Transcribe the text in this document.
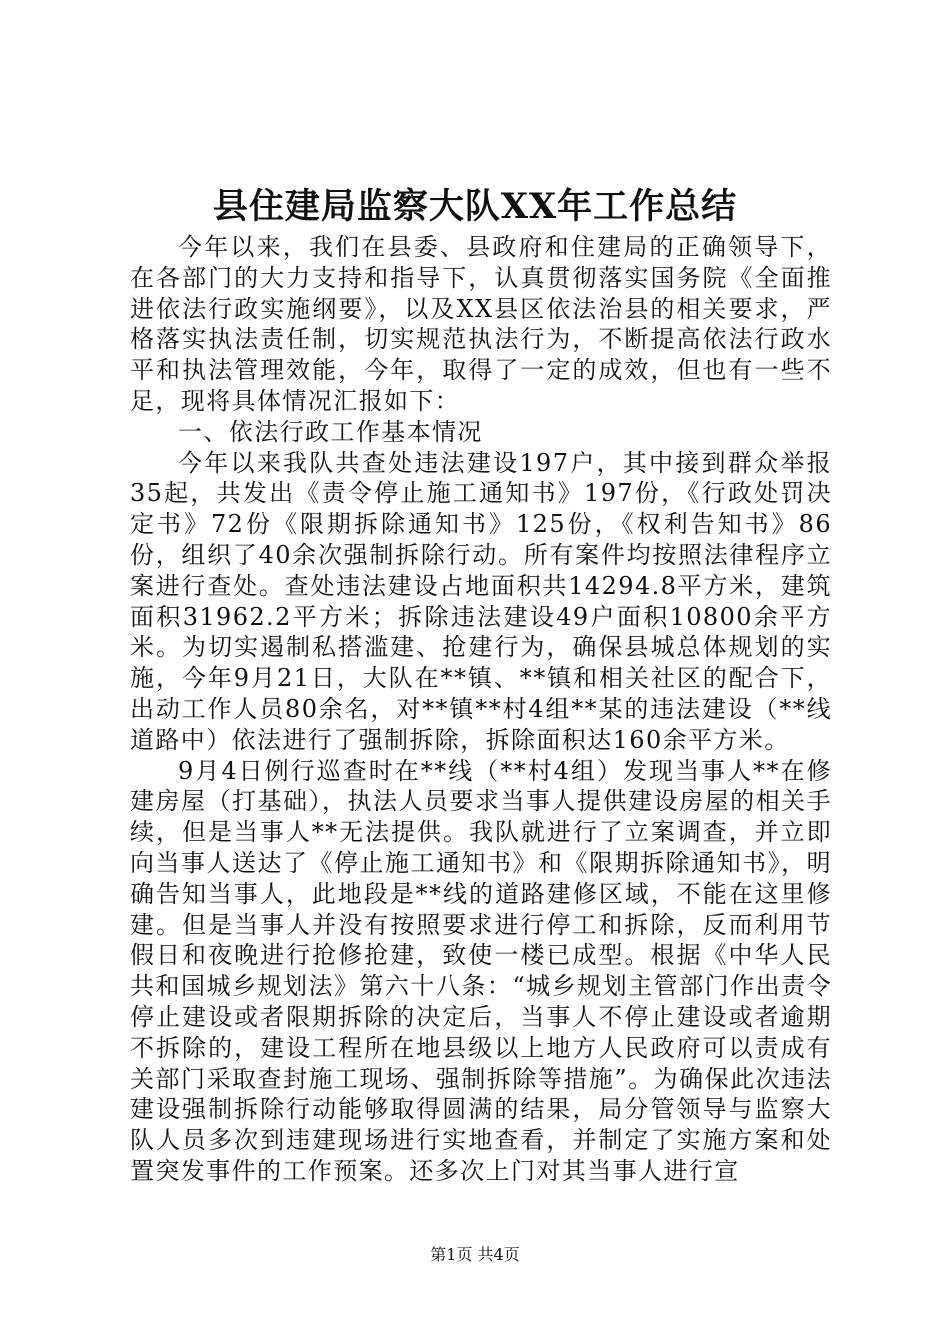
县住建局监察大队XX年工作总结

今年以来，我们在县委、县政府和住建局的正确领导下，在各部门的大力支持和指导下，认真贯彻落实国务院《全面推进依法行政实施纲要》，以及XX县区依法治县的相关要求，严格落实执法责任制，切实规范执法行为，不断提高依法行政水平和执法管理效能，今年，取得了一定的成效，但也有一些不足，现将具体情况汇报如下：

一、依法行政工作基本情况

今年以来我队共查处违法建设197户，其中接到群众举报35起，共发出《责令停止施工通知书》197份，《行政处罚决定书》72份《限期拆除通知书》125份，《权利告知书》86份，组织了40余次强制拆除行动。所有案件均按照法律程序立案进行查处。查处违法建设占地面积共14294.8平方米，建筑面积31962.2平方米；拆除违法建设49户面积10800余平方米。为切实遏制私搭滥建、抢建行为，确保县城总体规划的实施，今年9月21日，大队在**镇、**镇和相关社区的配合下，出动工作人员80余名，对**镇**村4组**某的违法建设（**线道路中）依法进行了强制拆除，拆除面积达160余平方米。

9月4日例行巡查时在**线（**村4组）发现当事人**在修建房屋（打基础），执法人员要求当事人提供建设房屋的相关手续，但是当事人**无法提供。我队就进行了立案调查，并立即向当事人送达了《停止施工通知书》和《限期拆除通知书》，明确告知当事人，此地段是**线的道路建修区域，不能在这里修建。但是当事人并没有按照要求进行停工和拆除，反而利用节假日和夜晚进行抢修抢建，致使一楼已成型。根据《中华人民共和国城乡规划法》第六十八条：“城乡规划主管部门作出责令停止建设或者限期拆除的决定后，当事人不停止建设或者逾期不拆除的，建设工程所在地县级以上地方人民政府可以责成有关部门采取查封施工现场、强制拆除等措施”。为确保此次违法建设强制拆除行动能够取得圆满的结果，局分管领导与监察大队人员多次到违建现场进行实地查看，并制定了实施方案和处置突发事件的工作预案。还多次上门对其当事人进行宣

第1页 共4页
